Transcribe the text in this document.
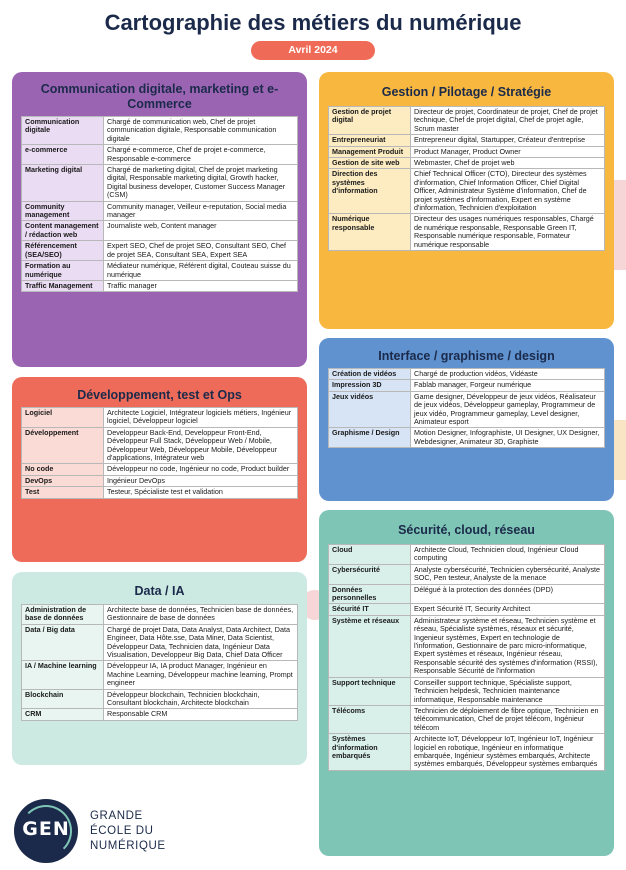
Cartographie des métiers du numérique
Avril 2024
Communication digitale, marketing et e-Commerce
Communication digitale	Chargé de communication web, Chef de projet communication digitale, Responsable communication digitale
e-commerce	Chargé e-commerce, Chef de projet e-commerce, Responsable e-commerce
Marketing digital	Chargé de marketing digital, Chef de projet marketing digital, Responsable marketing digital, Growth hacker, Digital business developer, Customer Success Manager (CSM)
Community management	Community manager, Veilleur e-reputation, Social media manager
Content management / rédaction web	Journaliste web, Content manager
Référencement (SEA/SEO)	Expert SEO, Chef de projet SEO, Consultant SEO, Chef de projet SEA, Consultant SEA, Expert SEA
Formation au numérique	Médiateur numérique, Référent digital, Couteau suisse du numérique
Traffic Management	Traffic manager
Développement, test et Ops
Logiciel	Architecte Logiciel, Intégrateur logiciels métiers, Ingénieur logiciel, Développeur logiciel
Développement	Developpeur Back-End, Developpeur Front-End, Développeur Full Stack, Développeur Web / Mobile, Développeur Web, Développeur Mobile, Développeur d'applications, Intégrateur web
No code	Développeur no code, Ingénieur no code, Product builder
DevOps	Ingénieur DevOps
Test	Testeur, Spécialiste test et validation
Data / IA
Administration de base de données	Architecte base de données, Technicien base de données, Gestionnaire de base de données
Data / Big data	Chargé de projet Data, Data Analyst, Data Architect, Data Engineer, Data Hôte.sse, Data Miner, Data Scientist, Développeur Data, Technicien data, Ingénieur Data Visualisation, Developpeur Big Data, Chief Data Officer
IA / Machine learning	Développeur IA, IA product Manager, Ingénieur en Machine Learning, Développeur machine learning, Prompt engineer
Blockchain	Développeur blockchain, Technicien blockchain, Consultant blockchain, Architecte blockchain
CRM	Responsable CRM
Gestion / Pilotage / Stratégie
Gestion de projet digital	Directeur de projet, Coordinateur de projet, Chef de projet technique, Chef de projet digital, Chef de projet agile, Scrum master
Entrepreneuriat	Entrepreneur digital, Startupper, Créateur d'entreprise
Management Produit	Product Manager, Product Owner
Gestion de site web	Webmaster, Chef de projet web
Direction des systèmes d'information	Chief Technical Officer (CTO), Directeur des systèmes d'information, Chief Information Officer, Chief Digital Officer, Administrateur Système d'information, Chef de projet systèmes d'information, Expert en système d'information, Technicien d'exploitation
Numérique responsable	Directeur des usages numériques responsables, Chargé de numérique responsable, Responsable Green IT, Responsable numérique responsable, Formateur numérique responsable
Interface / graphisme / design
Création de vidéos	Chargé de production vidéos, Vidéaste
Impression 3D	Fablab manager, Forgeur numérique
Jeux vidéos	Game designer, Développeur de jeux vidéos, Réalisateur de jeux vidéos, Développeur gameplay, Programmeur de jeux vidéo, Programmeur gameplay, Level designer, Animateur esport
Graphisme / Design	Motion Designer, Infographiste, UI Designer, UX Designer, Webdesigner, Animateur 3D, Graphiste
Sécurité, cloud, réseau
Cloud	Architecte Cloud, Technicien cloud, Ingénieur Cloud computing
Cybersécurité	Analyste cybersécurité, Technicien cybersécurité, Analyste SOC, Pen testeur, Analyste de la menace
Données personnelles	Délégué à la protection des données (DPD)
Sécurité IT	Expert Sécurité IT, Security Architect
Système et réseaux	Administrateur système et réseau, Technicien système et réseau, Spécialiste systèmes, réseaux et sécurité, Ingenieur systèmes, Expert en technologie de l'information, Gestionnaire de parc micro-informatique, Expert systèmes et réseaux, Ingénieur réseau, Responsable sécurité des systèmes d'information (RSSI), Responsable Sécurité de l'information
Support technique	Conseiller support technique, Spécialiste support, Technicien helpdesk, Technicien maintenance informatique, Responsable maintenance
Télécoms	Technicien de déploiement de fibre optique, Technicien en télécommunication, Chef de projet télécom, Ingénieur télécom
Systèmes d'information embarqués	Architecte IoT, Développeur IoT, Ingénieur IoT, Ingénieur logiciel en robotique, Ingénieur en informatique embarquée, Ingénieur systèmes embarqués, Architecte systèmes embarqués, Développeur systèmes embarqués
GEN
GRANDE
ÉCOLE DU
NUMÉRIQUE
